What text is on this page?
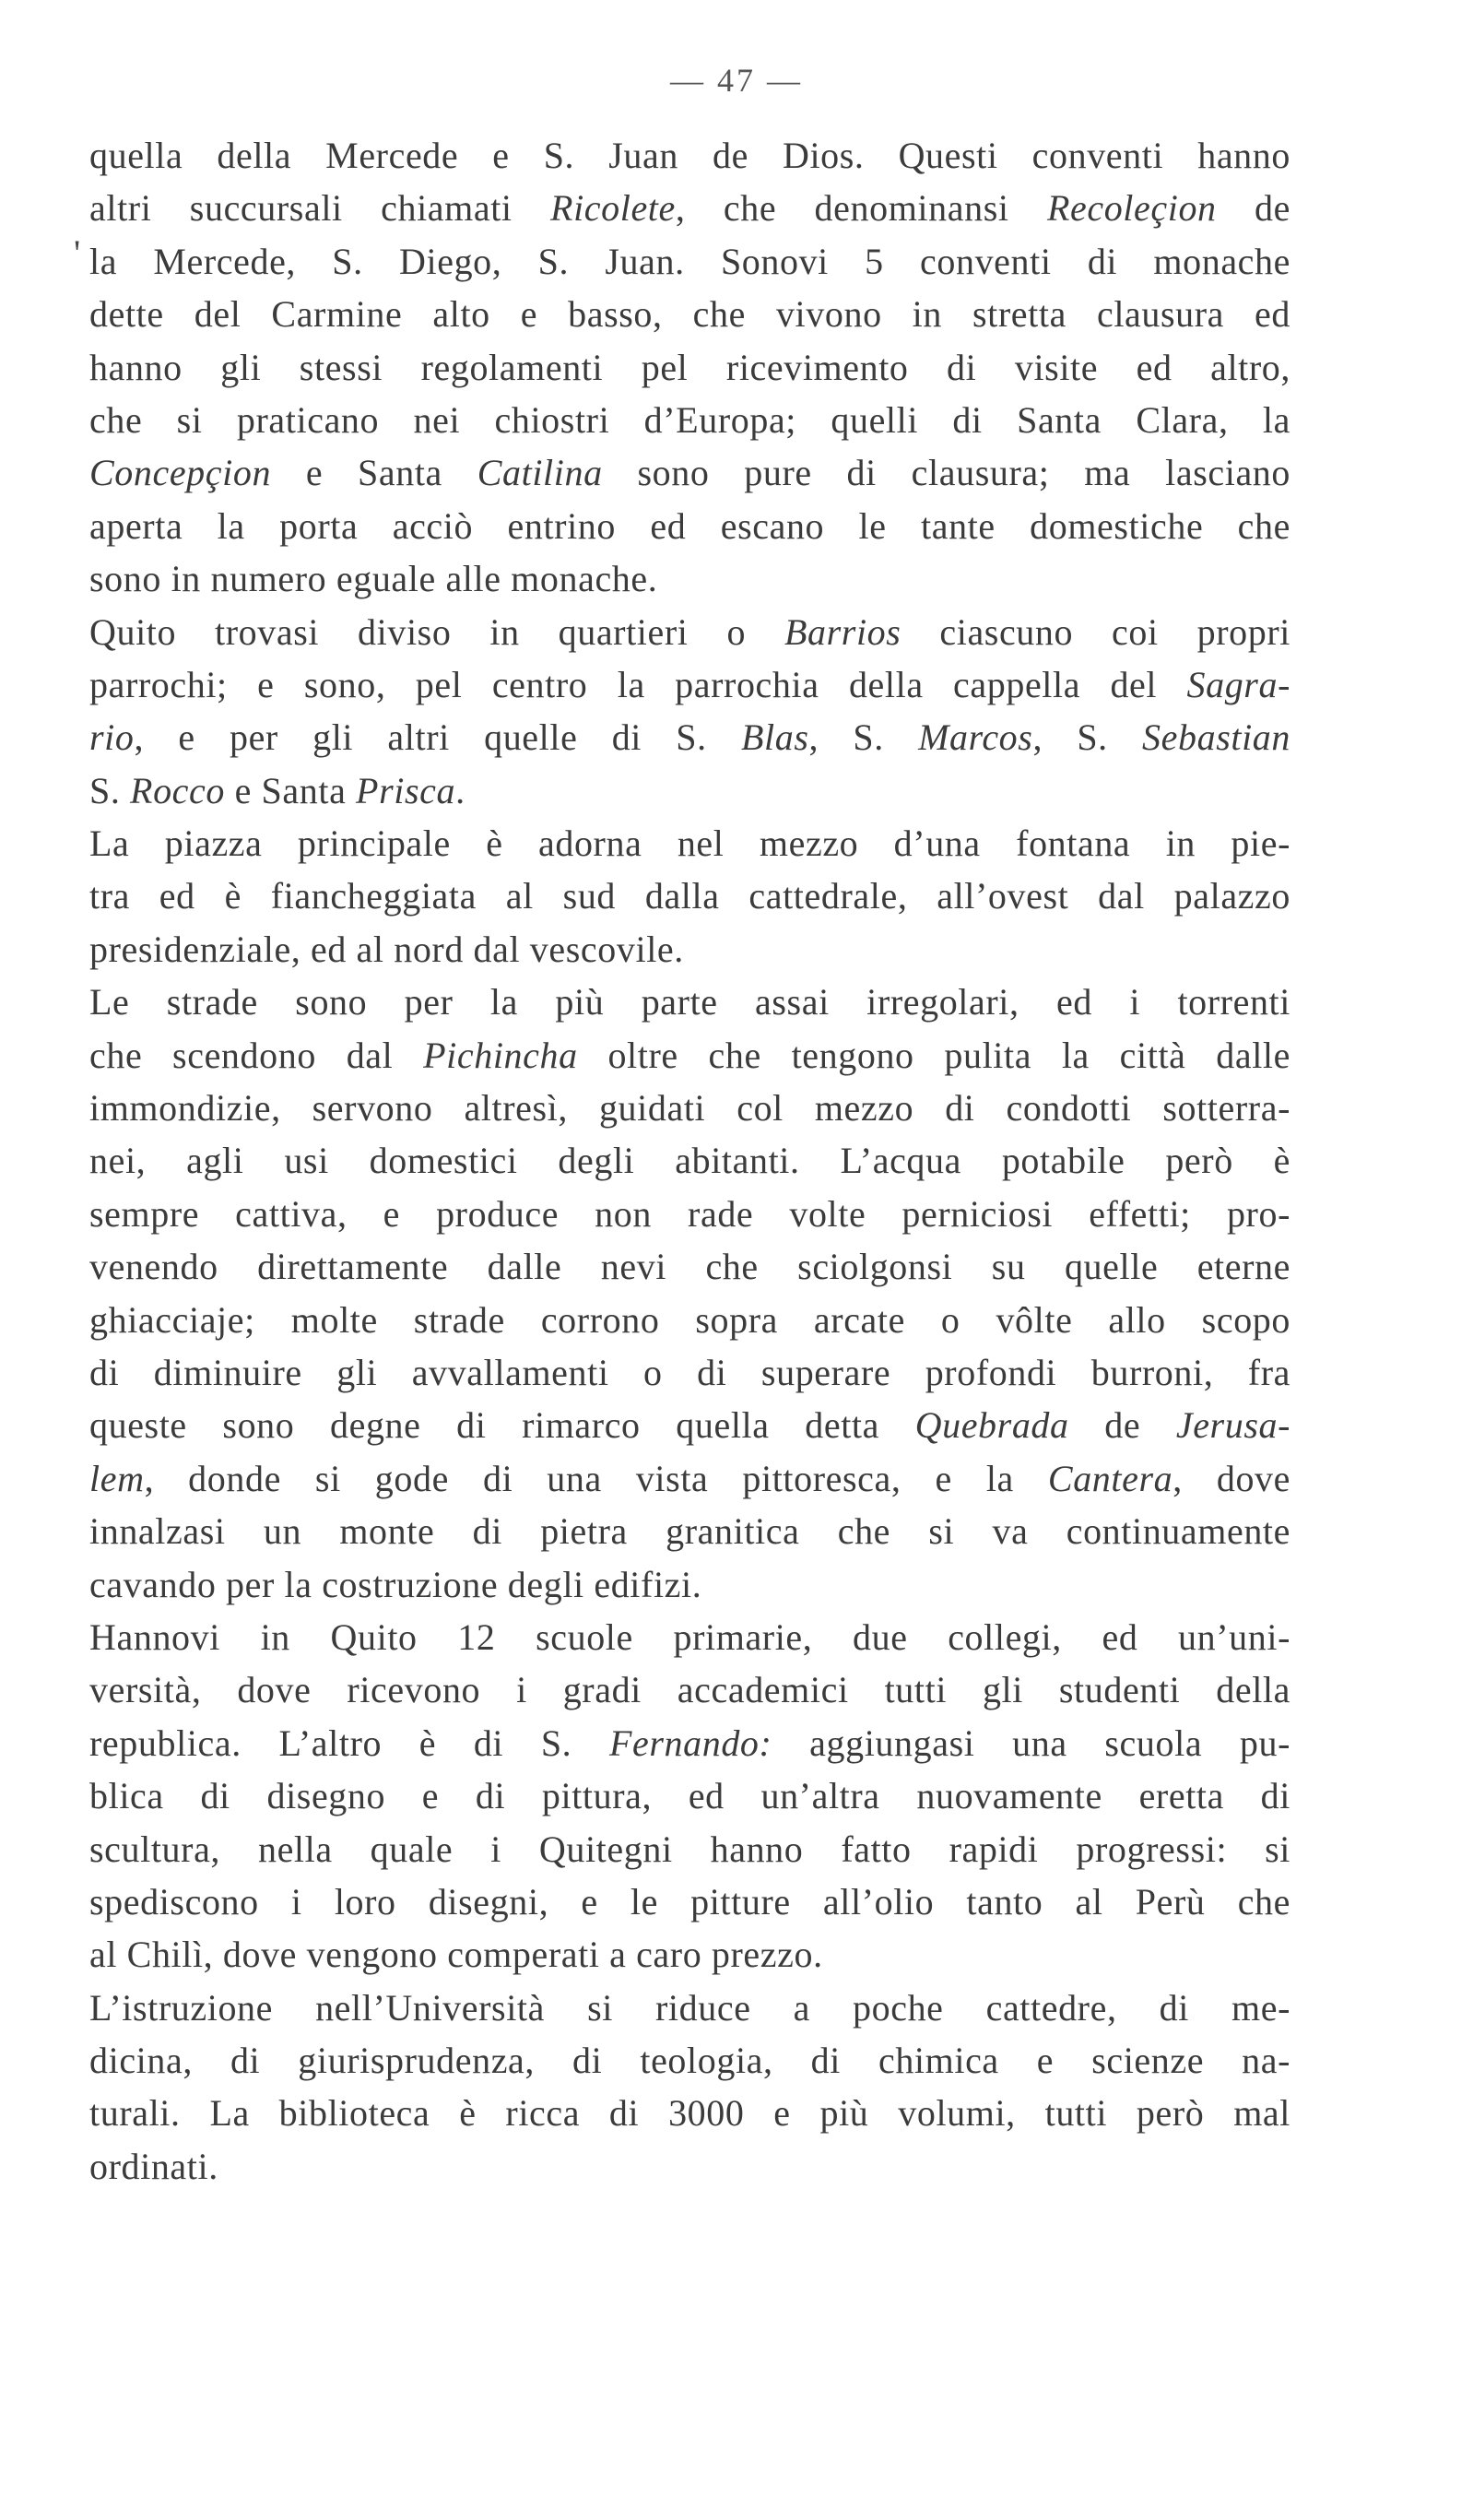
— 47 —
'
quella della Mercede e S. Juan de Dios. Questi conventi hanno
altri succursali chiamati Ricolete, che denominansi Recoleçion de
la Mercede, S. Diego, S. Juan. Sonovi 5 conventi di monache
dette del Carmine alto e basso, che vivono in stretta clausura ed
hanno gli stessi regolamenti pel ricevimento di visite ed altro,
che si praticano nei chiostri d’Europa; quelli di Santa Clara, la
Concepçion e Santa Catilina sono pure di clausura; ma lasciano
aperta la porta acciò entrino ed escano le tante domestiche che
sono in numero eguale alle monache.
Quito trovasi diviso in quartieri o Barrios ciascuno coi propri
parrochi; e sono, pel centro la parrochia della cappella del Sagra-
rio, e per gli altri quelle di S. Blas, S. Marcos, S. Sebastian
S. Rocco e Santa Prisca.
La piazza principale è adorna nel mezzo d’una fontana in pie-
tra ed è fiancheggiata al sud dalla cattedrale, all’ovest dal palazzo
presidenziale, ed al nord dal vescovile.
Le strade sono per la più parte assai irregolari, ed i torrenti
che scendono dal Pichincha oltre che tengono pulita la città dalle
immondizie, servono altresì, guidati col mezzo di condotti sotterra-
nei, agli usi domestici degli abitanti. L’acqua potabile però è
sempre cattiva, e produce non rade volte perniciosi effetti; pro-
venendo direttamente dalle nevi che sciolgonsi su quelle eterne
ghiacciaje; molte strade corrono sopra arcate o vôlte allo scopo
di diminuire gli avvallamenti o di superare profondi burroni, fra
queste sono degne di rimarco quella detta Quebrada de Jerusa-
lem, donde si gode di una vista pittoresca, e la Cantera, dove
innalzasi un monte di pietra granitica che si va continuamente
cavando per la costruzione degli edifizi.
Hannovi in Quito 12 scuole primarie, due collegi, ed un’uni-
versità, dove ricevono i gradi accademici tutti gli studenti della
republica. L’altro è di S. Fernando: aggiungasi una scuola pu-
blica di disegno e di pittura, ed un’altra nuovamente eretta di
scultura, nella quale i Quitegni hanno fatto rapidi progressi: si
spediscono i loro disegni, e le pitture all’olio tanto al Perù che
al Chilì, dove vengono comperati a caro prezzo.
L’istruzione nell’Università si riduce a poche cattedre, di me-
dicina, di giurisprudenza, di teologia, di chimica e scienze na-
turali. La biblioteca è ricca di 3000 e più volumi, tutti però mal
ordinati.
